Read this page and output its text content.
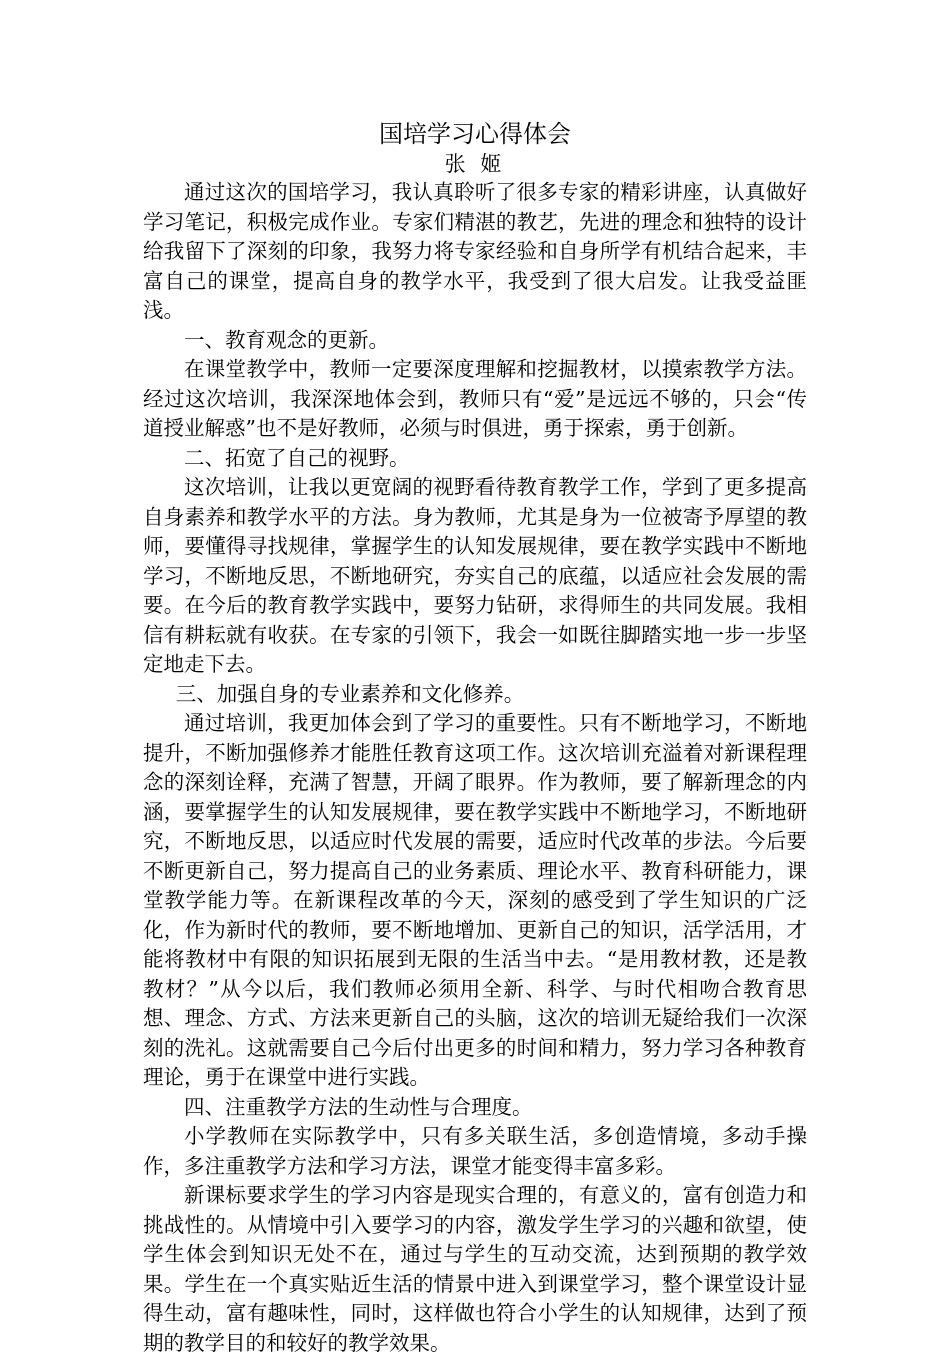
国培学习心得体会

张 姬

通过这次的国培学习，我认真聆听了很多专家的精彩讲座，认真做好学习笔记，积极完成作业。专家们精湛的教艺，先进的理念和独特的设计给我留下了深刻的印象，我努力将专家经验和自身所学有机结合起来，丰富自己的课堂，提高自身的教学水平，我受到了很大启发。让我受益匪浅。

一、教育观念的更新。

在课堂教学中，教师一定要深度理解和挖掘教材，以摸索教学方法。经过这次培训，我深深地体会到，教师只有“爱”是远远不够的，只会“传道授业解惑”也不是好教师，必须与时俱进，勇于探索，勇于创新。

二、拓宽了自己的视野。

这次培训，让我以更宽阔的视野看待教育教学工作，学到了更多提高自身素养和教学水平的方法。身为教师，尤其是身为一位被寄予厚望的教师，要懂得寻找规律，掌握学生的认知发展规律，要在教学实践中不断地学习，不断地反思，不断地研究，夯实自己的底蕴，以适应社会发展的需要。在今后的教育教学实践中，要努力钻研，求得师生的共同发展。我相信有耕耘就有收获。在专家的引领下，我会一如既往脚踏实地一步一步坚定地走下去。

三、加强自身的专业素养和文化修养。

通过培训，我更加体会到了学习的重要性。只有不断地学习，不断地提升，不断加强修养才能胜任教育这项工作。这次培训充溢着对新课程理念的深刻诠释，充满了智慧，开阔了眼界。作为教师，要了解新理念的内涵，要掌握学生的认知发展规律，要在教学实践中不断地学习，不断地研究，不断地反思，以适应时代发展的需要，适应时代改革的步法。今后要不断更新自己，努力提高自己的业务素质、理论水平、教育科研能力，课堂教学能力等。在新课程改革的今天，深刻的感受到了学生知识的广泛化，作为新时代的教师，要不断地增加、更新自己的知识，活学活用，才能将教材中有限的知识拓展到无限的生活当中去。“是用教材教，还是教教材？”从今以后，我们教师必须用全新、科学、与时代相吻合教育思想、理念、方式、方法来更新自己的头脑，这次的培训无疑给我们一次深刻的洗礼。这就需要自己今后付出更多的时间和精力，努力学习各种教育理论，勇于在课堂中进行实践。

四、注重教学方法的生动性与合理度。

小学教师在实际教学中，只有多关联生活，多创造情境，多动手操作，多注重教学方法和学习方法，课堂才能变得丰富多彩。

新课标要求学生的学习内容是现实合理的，有意义的，富有创造力和挑战性的。从情境中引入要学习的内容，激发学生学习的兴趣和欲望，使学生体会到知识无处不在，通过与学生的互动交流，达到预期的教学效果。学生在一个真实贴近生活的情景中进入到课堂学习，整个课堂设计显得生动，富有趣味性，同时，这样做也符合小学生的认知规律，达到了预期的教学目的和较好的教学效果。
